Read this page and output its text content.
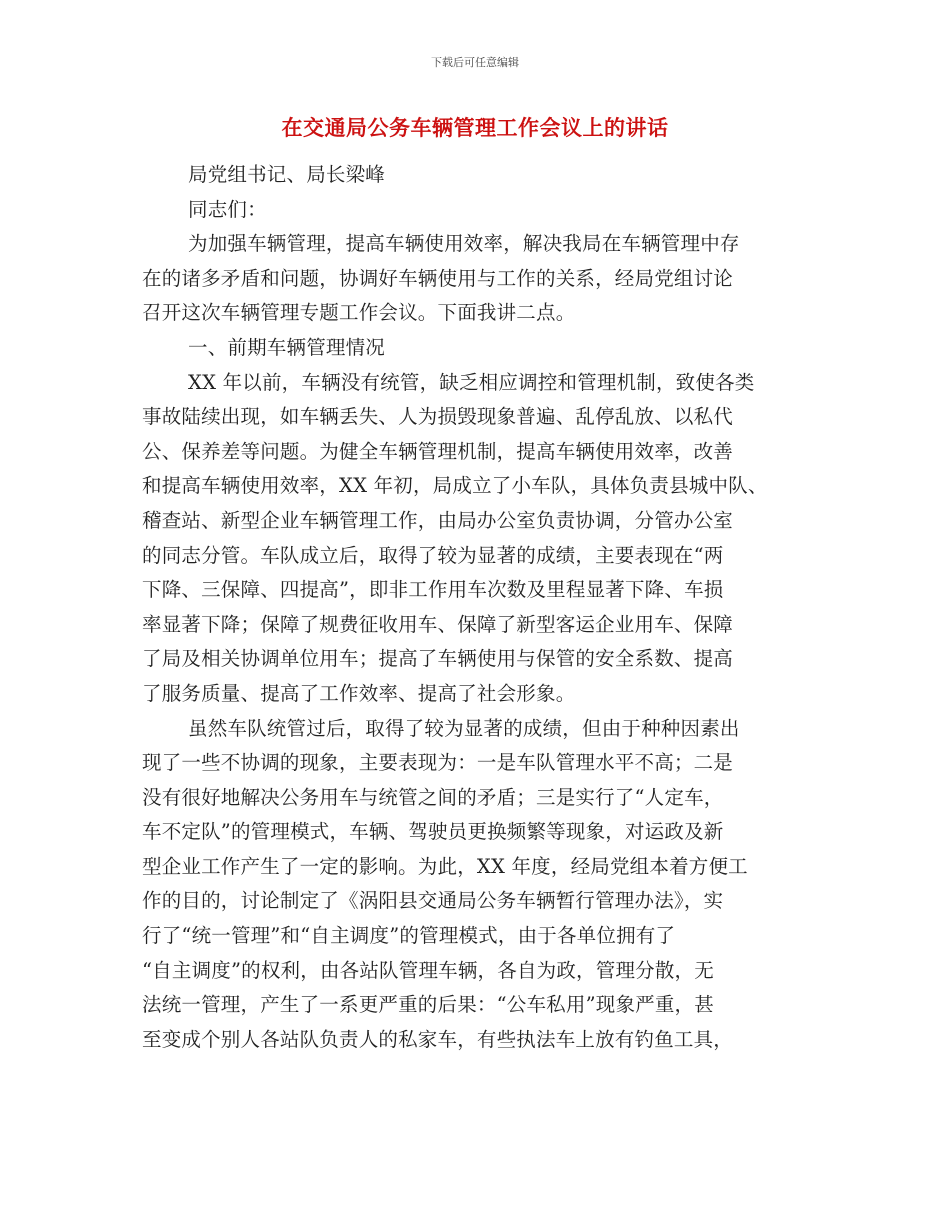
下载后可任意编辑
在交通局公务车辆管理工作会议上的讲话
局党组书记、局长梁峰
同志们：
为加强车辆管理，提高车辆使用效率，解决我局在车辆管理中存
在的诸多矛盾和问题，协调好车辆使用与工作的关系，经局党组讨论
召开这次车辆管理专题工作会议。下面我讲二点。
一、前期车辆管理情况
XX 年以前，车辆没有统管，缺乏相应调控和管理机制，致使各类
事故陆续出现，如车辆丢失、人为损毁现象普遍、乱停乱放、以私代
公、保养差等问题。为健全车辆管理机制，提高车辆使用效率，改善
和提高车辆使用效率，XX 年初，局成立了小车队，具体负责县城中队、
稽查站、新型企业车辆管理工作，由局办公室负责协调，分管办公室
的同志分管。车队成立后，取得了较为显著的成绩，主要表现在“两
下降、三保障、四提高”，即非工作用车次数及里程显著下降、车损
率显著下降；保障了规费征收用车、保障了新型客运企业用车、保障
了局及相关协调单位用车；提高了车辆使用与保管的安全系数、提高
了服务质量、提高了工作效率、提高了社会形象。
虽然车队统管过后，取得了较为显著的成绩，但由于种种因素出
现了一些不协调的现象，主要表现为：一是车队管理水平不高；二是
没有很好地解决公务用车与统管之间的矛盾；三是实行了“人定车，
车不定队”的管理模式，车辆、驾驶员更换频繁等现象，对运政及新
型企业工作产生了一定的影响。为此，XX 年度，经局党组本着方便工
作的目的，讨论制定了《涡阳县交通局公务车辆暂行管理办法》，实
行了“统一管理”和“自主调度”的管理模式，由于各单位拥有了
“自主调度”的权利，由各站队管理车辆，各自为政，管理分散，无
法统一管理，产生了一系更严重的后果：“公车私用”现象严重，甚
至变成个别人各站队负责人的私家车，有些执法车上放有钓鱼工具，
